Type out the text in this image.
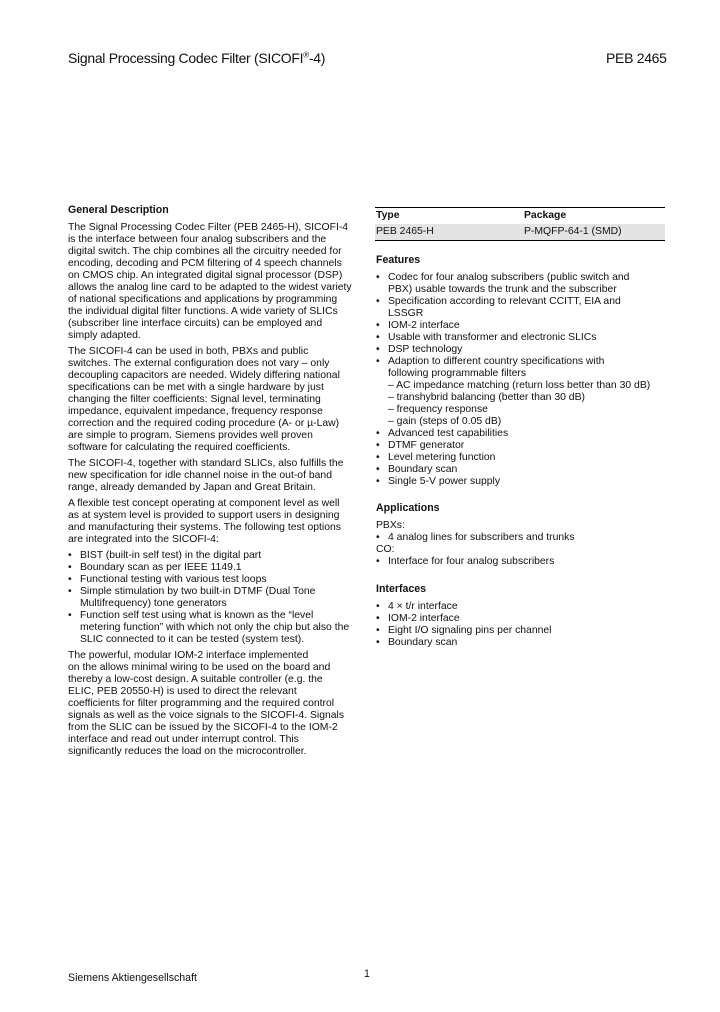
Signal Processing Codec Filter (SICOFI®-4)	PEB 2465
General Description
The Signal Processing Codec Filter (PEB 2465-H), SICOFI-4
is the interface between four analog subscribers and the
digital switch. The chip combines all the circuitry needed for
encoding, decoding and PCM filtering of 4 speech channels
on CMOS chip. An integrated digital signal processor (DSP)
allows the analog line card to be adapted to the widest variety
of national specifications and applications by programming
the individual digital filter functions. A wide variety of SLICs
(subscriber line interface circuits) can be employed and
simply adapted.
The SICOFI-4 can be used in both, PBXs and public
switches. The external configuration does not vary – only
decoupling capacitors are needed. Widely differing national
specifications can be met with a single hardware by just
changing the filter coefficients: Signal level, terminating
impedance, equivalent impedance, frequency response
correction and the required coding procedure (A- or µ-Law)
are simple to program. Siemens provides well proven
software for calculating the required coefficients.
The SICOFI-4, together with standard SLICs, also fulfills the
new specification for idle channel noise in the out-of band
range, already demanded by Japan and Great Britain.
A flexible test concept operating at component level as well
as at system level is provided to support users in designing
and manufacturing their systems. The following test options
are integrated into the SICOFI-4:
• BIST (built-in self test) in the digital part
• Boundary scan as per IEEE 1149.1
• Functional testing with various test loops
• Simple stimulation by two built-in DTMF (Dual Tone
Multifrequency) tone generators
• Function self test using what is known as the “level
metering function” with which not only the chip but also the
SLIC connected to it can be tested (system test).
The powerful, modular IOM-2 interface implemented
on the allows minimal wiring to be used on the board and
thereby a low-cost design. A suitable controller (e.g. the
ELIC, PEB 20550-H) is used to direct the relevant
coefficients for filter programming and the required control
signals as well as the voice signals to the SICOFI-4. Signals
from the SLIC can be issued by the SICOFI-4 to the IOM-2
interface and read out under interrupt control. This
significantly reduces the load on the microcontroller.
Type	Package
PEB 2465-H	P-MQFP-64-1 (SMD)
Features
• Codec for four analog subscribers (public switch and
PBX) usable towards the trunk and the subscriber
• Specification according to relevant CCITT, EIA and
LSSGR
• IOM-2 interface
• Usable with transformer and electronic SLICs
• DSP technology
• Adaption to different country specifications with
following programmable filters
– AC impedance matching (return loss better than 30 dB)
– transhybrid balancing (better than 30 dB)
– frequency response
– gain (steps of 0.05 dB)
• Advanced test capabilities
• DTMF generator
• Level metering function
• Boundary scan
• Single 5-V power supply
Applications
PBXs:
• 4 analog lines for subscribers and trunks
CO:
• Interface for four analog subscribers
Interfaces
• 4 × t/r interface
• IOM-2 interface
• Eight I/O signaling pins per channel
• Boundary scan
Siemens Aktiengesellschaft	1
